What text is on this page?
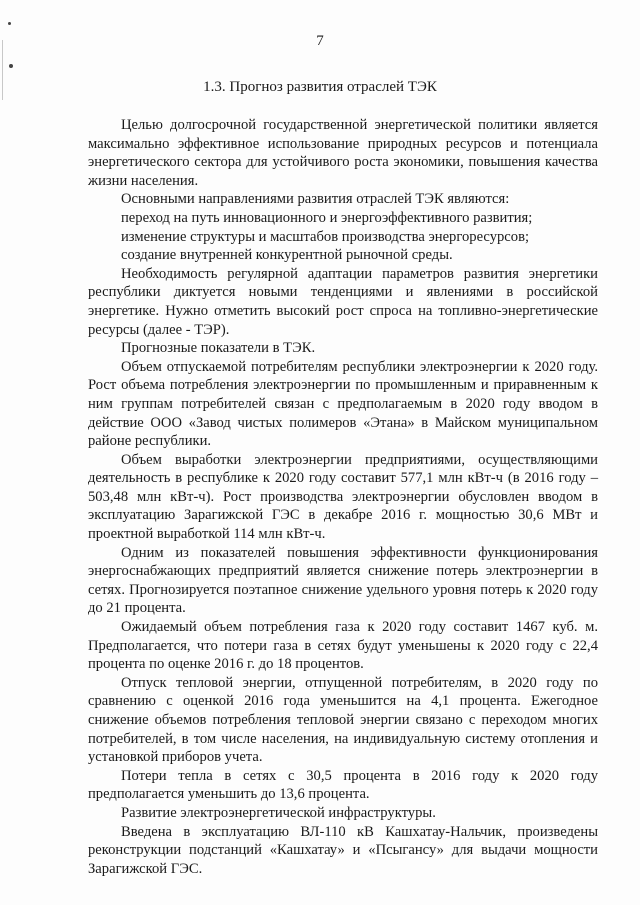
7
1.3. Прогноз развития отраслей ТЭК

Целью долгосрочной государственной энергетической политики является максимально эффективное использование природных ресурсов и потенциала энергетического сектора для устойчивого роста экономики, повышения качества жизни населения.

Основными направлениями развития отраслей ТЭК являются:

переход на путь инновационного и энергоэффективного развития;

изменение структуры и масштабов производства энергоресурсов;

создание внутренней конкурентной рыночной среды.

Необходимость регулярной адаптации параметров развития энергетики республики диктуется новыми тенденциями и явлениями в российской энергетике. Нужно отметить высокий рост спроса на топливно-энергетические ресурсы (далее - ТЭР).

Прогнозные показатели в ТЭК.

Объем отпускаемой потребителям республики электроэнергии к 2020 году. Рост объема потребления электроэнергии по промышленным и приравненным к ним группам потребителей связан с предполагаемым в 2020 году вводом в действие ООО «Завод чистых полимеров «Этана» в Майском муниципальном районе республики.

Объем выработки электроэнергии предприятиями, осуществляющими деятельность в республике к 2020 году составит 577,1 млн кВт-ч (в 2016 году – 503,48 млн кВт-ч). Рост производства электроэнергии обусловлен вводом в эксплуатацию Зарагижской ГЭС в декабре 2016 г. мощностью 30,6 МВт и проектной выработкой 114 млн кВт-ч.

Одним из показателей повышения эффективности функционирования энергоснабжающих предприятий является снижение потерь электроэнергии в сетях. Прогнозируется поэтапное снижение удельного уровня потерь к 2020 году до 21 процента.

Ожидаемый объем потребления газа к 2020 году составит 1467 куб. м. Предполагается, что потери газа в сетях будут уменьшены к 2020 году с 22,4 процента по оценке 2016 г. до 18 процентов.

Отпуск тепловой энергии, отпущенной потребителям, в 2020 году по сравнению с оценкой 2016 года уменьшится на 4,1 процента. Ежегодное снижение объемов потребления тепловой энергии связано с переходом многих потребителей, в том числе населения, на индивидуальную систему отопления и установкой приборов учета.

Потери тепла в сетях с 30,5 процента в 2016 году к 2020 году предполагается уменьшить до 13,6 процента.

Развитие электроэнергетической инфраструктуры.

Введена в эксплуатацию ВЛ-110 кВ Кашхатау-Нальчик, произведены реконструкции подстанций «Кашхатау» и «Псыгансу» для выдачи мощности Зарагижской ГЭС.
